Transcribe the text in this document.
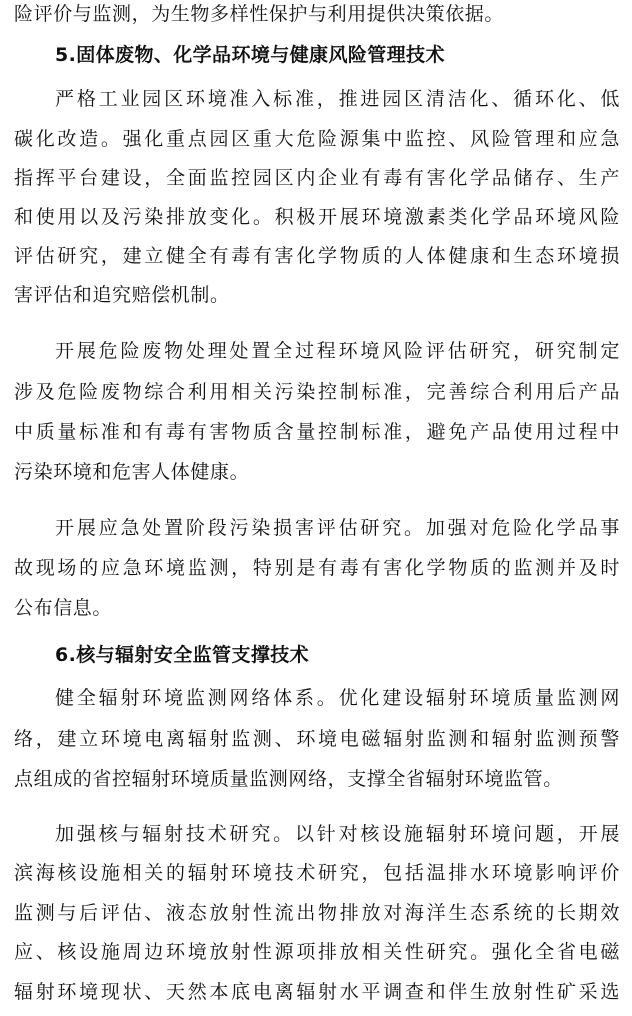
险评价与监测，为生物多样性保护与利用提供决策依据。
5.固体废物、化学品环境与健康风险管理技术
严格工业园区环境准入标准，推进园区清洁化、循环化、低
碳化改造。强化重点园区重大危险源集中监控、风险管理和应急
指挥平台建设，全面监控园区内企业有毒有害化学品储存、生产
和使用以及污染排放变化。积极开展环境激素类化学品环境风险
评估研究，建立健全有毒有害化学物质的人体健康和生态环境损
害评估和追究赔偿机制。
开展危险废物处理处置全过程环境风险评估研究，研究制定
涉及危险废物综合利用相关污染控制标准，完善综合利用后产品
中质量标准和有毒有害物质含量控制标准，避免产品使用过程中
污染环境和危害人体健康。
开展应急处置阶段污染损害评估研究。加强对危险化学品事
故现场的应急环境监测，特别是有毒有害化学物质的监测并及时
公布信息。
6.核与辐射安全监管支撑技术
健全辐射环境监测网络体系。优化建设辐射环境质量监测网
络，建立环境电离辐射监测、环境电磁辐射监测和辐射监测预警
点组成的省控辐射环境质量监测网络，支撑全省辐射环境监管。
加强核与辐射技术研究。以针对核设施辐射环境问题，开展
滨海核设施相关的辐射环境技术研究，包括温排水环境影响评价
监测与后评估、液态放射性流出物排放对海洋生态系统的长期效
应、核设施周边环境放射性源项排放相关性研究。强化全省电磁
辐射环境现状、天然本底电离辐射水平调查和伴生放射性矿采选
